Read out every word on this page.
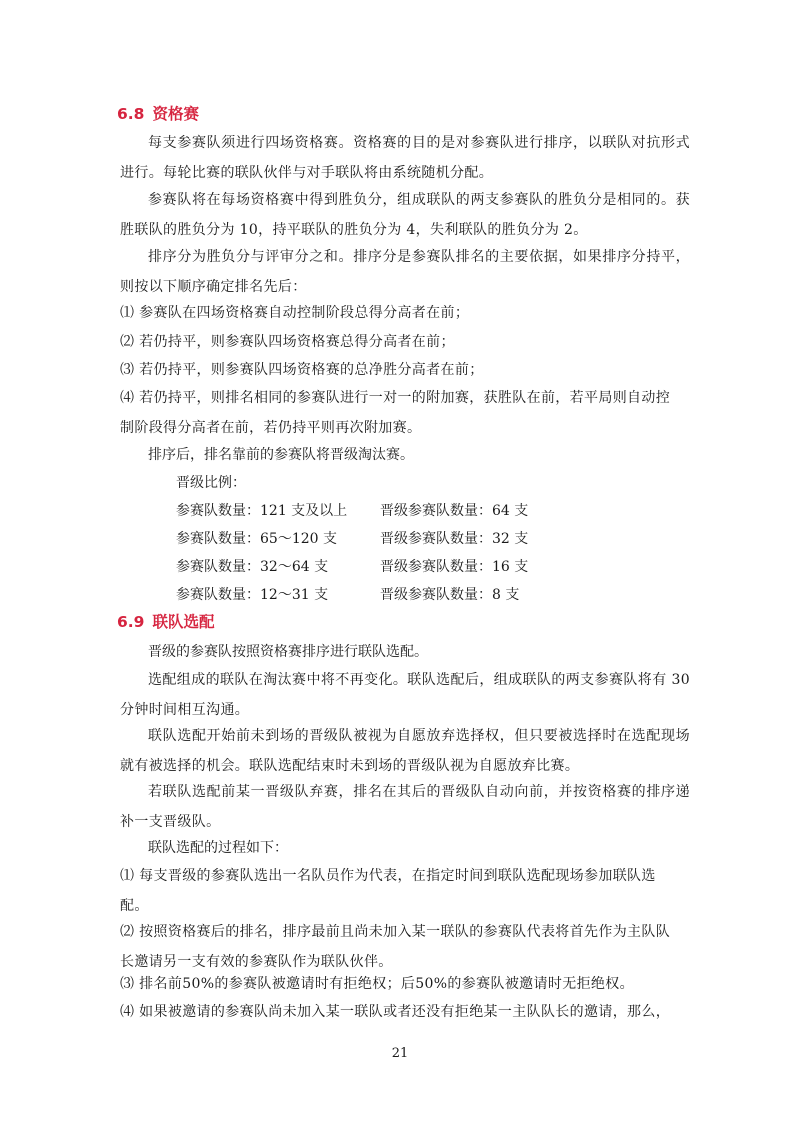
6.8 资格赛
每支参赛队须进行四场资格赛。资格赛的目的是对参赛队进行排序，以联队对抗形式进行。每轮比赛的联队伙伴与对手联队将由系统随机分配。
参赛队将在每场资格赛中得到胜负分，组成联队的两支参赛队的胜负分是相同的。获胜联队的胜负分为 10，持平联队的胜负分为 4，失利联队的胜负分为 2。
排序分为胜负分与评审分之和。排序分是参赛队排名的主要依据，如果排序分持平，则按以下顺序确定排名先后：
⑴ 参赛队在四场资格赛自动控制阶段总得分高者在前；
⑵ 若仍持平，则参赛队四场资格赛总得分高者在前；
⑶ 若仍持平，则参赛队四场资格赛的总净胜分高者在前；
⑷ 若仍持平，则排名相同的参赛队进行一对一的附加赛，获胜队在前，若平局则自动控制阶段得分高者在前，若仍持平则再次附加赛。
排序后，排名靠前的参赛队将晋级淘汰赛。
晋级比例：
参赛队数量：121 支及以上 晋级参赛队数量：64 支
参赛队数量：65～120 支	晋级参赛队数量：32 支
参赛队数量：32～64 支	晋级参赛队数量：16 支
参赛队数量：12～31 支	晋级参赛队数量：8 支
6.9 联队选配
晋级的参赛队按照资格赛排序进行联队选配。
选配组成的联队在淘汰赛中将不再变化。联队选配后，组成联队的两支参赛队将有 30 分钟时间相互沟通。
联队选配开始前未到场的晋级队被视为自愿放弃选择权，但只要被选择时在选配现场就有被选择的机会。联队选配结束时未到场的晋级队视为自愿放弃比赛。
若联队选配前某一晋级队弃赛，排名在其后的晋级队自动向前，并按资格赛的排序递补一支晋级队。
联队选配的过程如下：
⑴ 每支晋级的参赛队选出一名队员作为代表，在指定时间到联队选配现场参加联队选配。
⑵ 按照资格赛后的排名，排序最前且尚未加入某一联队的参赛队代表将首先作为主队队长邀请另一支有效的参赛队作为联队伙伴。
⑶ 排名前50%的参赛队被邀请时有拒绝权；后50%的参赛队被邀请时无拒绝权。
⑷ 如果被邀请的参赛队尚未加入某一联队或者还没有拒绝某一主队队长的邀请，那么，
21
